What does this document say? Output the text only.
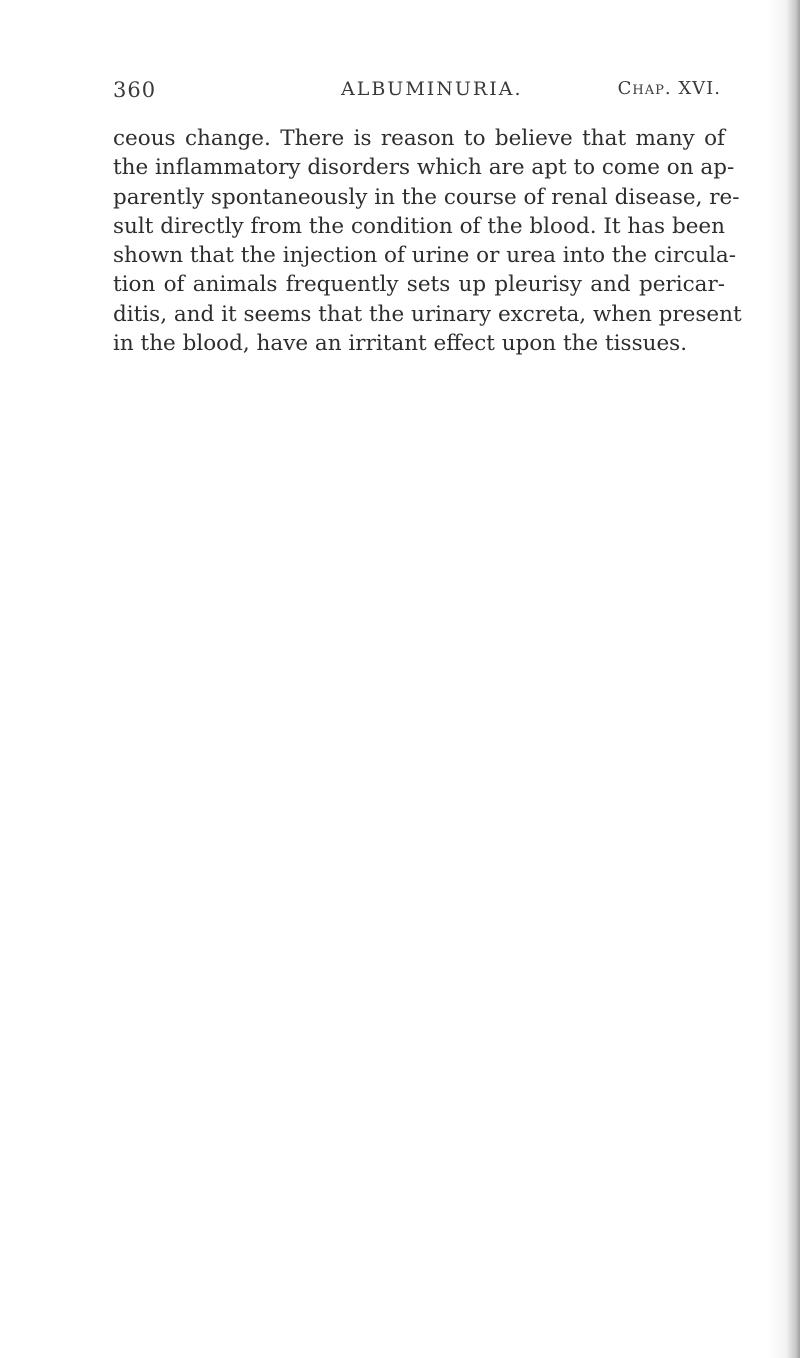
360	ALBUMINURIA.	Chap. XVI.
ceous change. There is reason to believe that many of
the inflammatory disorders which are apt to come on ap-
parently spontaneously in the course of renal disease, re-
sult directly from the condition of the blood. It has been
shown that the injection of urine or urea into the circula-
tion of animals frequently sets up pleurisy and pericar-
ditis, and it seems that the urinary excreta, when present
in the blood, have an irritant effect upon the tissues.
